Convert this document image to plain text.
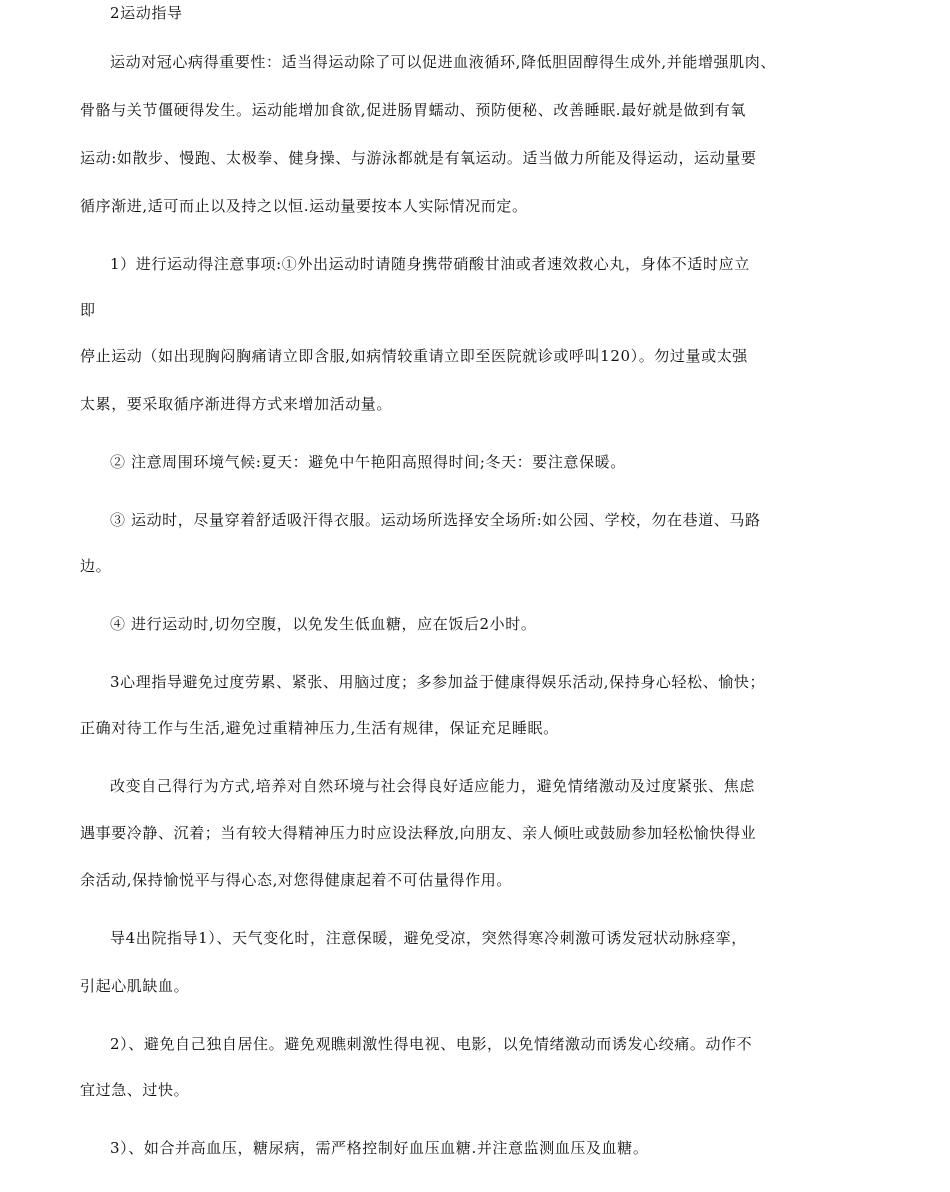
2运动指导
运动对冠心病得重要性：适当得运动除了可以促进血液循环,降低胆固醇得生成外,并能增强肌肉、
骨骼与关节僵硬得发生。运动能增加食欲,促进肠胃蠕动、预防便秘、改善睡眠.最好就是做到有氧
运动:如散步、慢跑、太极拳、健身操、与游泳都就是有氧运动。适当做力所能及得运动，运动量要
循序渐进,适可而止以及持之以恒.运动量要按本人实际情况而定。
1）进行运动得注意事项:①外出运动时请随身携带硝酸甘油或者速效救心丸，身体不适时应立
即
停止运动（如出现胸闷胸痛请立即含服,如病情较重请立即至医院就诊或呼叫120）。勿过量或太强
太累，要采取循序渐进得方式来增加活动量。
② 注意周围环境气候:夏天：避免中午艳阳高照得时间;冬天：要注意保暖。
③ 运动时，尽量穿着舒适吸汗得衣服。运动场所选择安全场所:如公园、学校，勿在巷道、马路
边。
④ 进行运动时,切勿空腹，以免发生低血糖，应在饭后2小时。
3心理指导避免过度劳累、紧张、用脑过度；多参加益于健康得娱乐活动,保持身心轻松、愉快；
正确对待工作与生活,避免过重精神压力,生活有规律，保证充足睡眠。
改变自己得行为方式,培养对自然环境与社会得良好适应能力，避免情绪激动及过度紧张、焦虑
遇事要冷静、沉着；当有较大得精神压力时应设法释放,向朋友、亲人倾吐或鼓励参加轻松愉快得业
余活动,保持愉悦平与得心态,对您得健康起着不可估量得作用。
导4出院指导1）、天气变化时，注意保暖，避免受凉，突然得寒冷刺激可诱发冠状动脉痉挛，
引起心肌缺血。
2）、避免自己独自居住。避免观瞧刺激性得电视、电影，以免情绪激动而诱发心绞痛。动作不
宜过急、过快。
3）、如合并高血压，糖尿病，需严格控制好血压血糖.并注意监测血压及血糖。
